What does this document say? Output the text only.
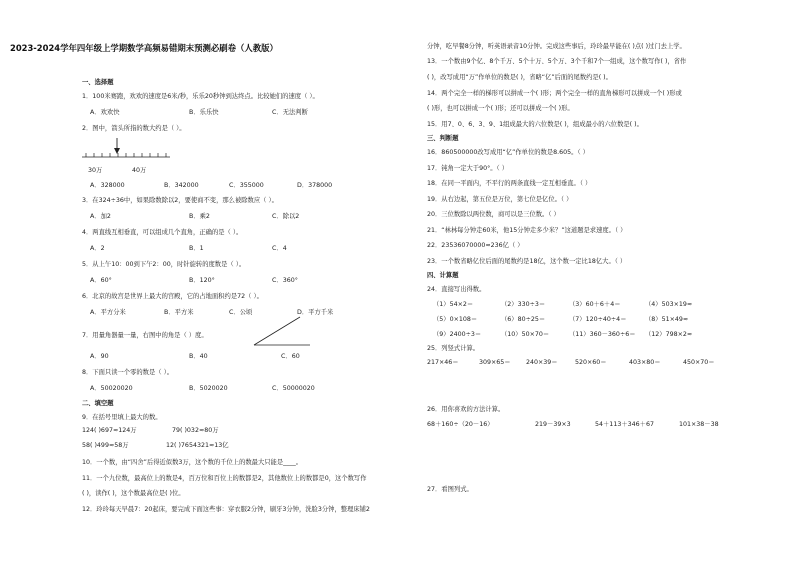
2023-2024学年四年级上学期数学高频易错期末预测必刷卷（人教版）
一、选择题
1．100米赛跑，欢欢的速度是6米/秒，乐乐20秒钟到达终点。比较她们的速度（ ）。
A．欢欢快	B．乐乐快	C．无法判断
2．图中，箭头所指的数大约是（ ）。
30万	40万
A．328000	B．342000	C．355000	D．378000
3．在324÷36中，如果除数除以2，要使商不变，那么被除数应（ ）。
A．加2	B．乘2	C．除以2
4．两直线互相垂直，可以组成几个直角，正确的是（ ）。
A．2	B．1	C．4
5．从上午10：00到下午2：00，时针旋转的度数是（ ）。
A．60°	B．120°	C．360°
6．北京的故宫是世界上最大的宫殿，它的占地面积约是72（ ）。
A．平方分米	B．平方米	C．公顷	D．平方千米
7．用量角器量一量，右图中的角是（ ）度。
A．90	B．40	C．60
8．下面只读一个零的数是（ ）。
A．50020020	B．5020020	C．50000020
二、填空题
9．在括号里填上最大的数。
124( )697≈124万	79( )032≈80万
58( )499≈58万	12( )7654321≈13亿
10．一个数，由“四舍”后得近似数3万，这个数的千位上的数最大只能是____。
11．一个九位数，最高位上的数是4，百万位和百位上的数都是2，其他数位上的数都是0，这个数写作
( )，读作( )，这个数最高位是( )位。
12．玲玲每天早晨7：20起床，要完成下面这些事：穿衣服2分钟，刷牙3分钟，洗脸3分钟，整理床铺2
分钟，吃早餐8分钟，听英语录音10分钟。完成这些事后，玲玲最早能在( )点( )过门去上学。
13．一个数由9个亿、8个千万、5个十万、5个万、3个千和7个一组成，这个数写作( )，省作
( )，改写成用“万”作单位的数是( )，省略“亿”后面的尾数约是( )。
14．两个完全一样的梯形可以拼成一个( )形；两个完全一样的直角梯形可以拼成一个( )形或
( )形，也可以拼成一个( )形；还可以拼成一个( )形。
15．用7、0、6、3、9、1组成最大的六位数是( )，组成最小的六位数是( )。
三、判断题
16．860500000改写成用“亿”作单位的数是8.605。（ ）
17．钝角一定大于90°。（ ）
18．在同一平面内，不平行的两条直线一定互相垂直。（ ）
19．从右边起，第五位是万位，第七位是亿位。（ ）
20．三位数除以两位数，商可以是三位数。（ ）
21．“林林每分钟走60米，他15分钟走多少米？”这道题是求速度。（ ）
22．23536070000≈236亿（ ）
23．一个数省略亿位后面的尾数约是18亿，这个数一定比18亿大。（ ）
四、计算题
24．直接写出得数。
（1）54×2＝	（2）330÷3＝	（3）60＋6＋4＝	（4）503×19≈
（5）0×108＝	（6）80÷25＝	（7）120÷40÷4＝	（8）51×49≈
（9）2400÷3＝	（10）50×70＝	（11）360－360÷6＝ （12）798×2≈
25．列竖式计算。
217×46＝	309×65＝ 240×39＝	520×60＝	403×80＝	450×70＝
26．用你喜欢的方法计算。
68＋160÷（20－16）	219－39×3	54＋113＋346＋67	101×38－38
27．看图列式。
